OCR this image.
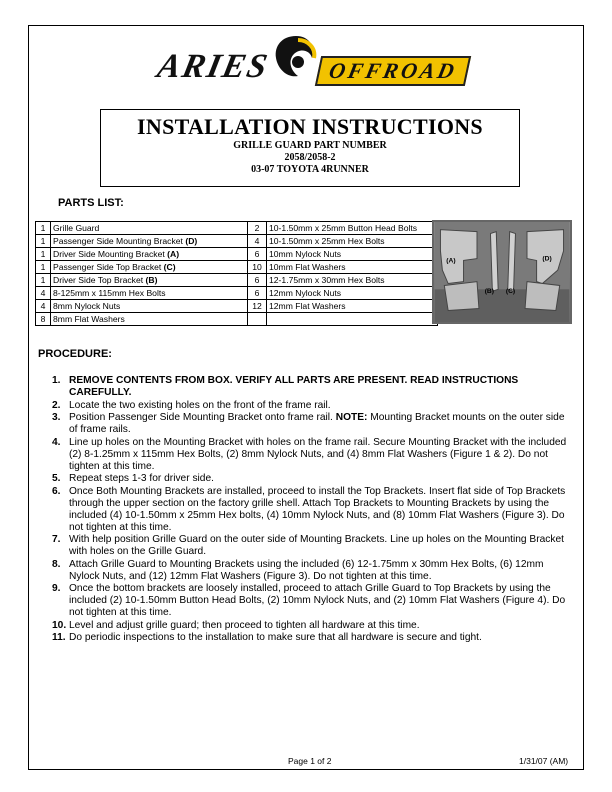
ARIES OFFROAD
INSTALLATION INSTRUCTIONS
GRILLE GUARD PART NUMBER
2058/2058-2
03-07 TOYOTA 4RUNNER
PARTS LIST:
1	Grille Guard	2	10-1.50mm x 25mm Button Head Bolts
1	Passenger Side Mounting Bracket (D)	4	10-1.50mm x 25mm Hex Bolts
1	Driver Side Mounting Bracket (A)	6	10mm Nylock Nuts
1	Passenger Side Top Bracket (C)	10	10mm Flat Washers
1	Driver Side Top Bracket (B)	6	12-1.75mm x 30mm Hex Bolts
4	8-125mm x 115mm Hex Bolts	6	12mm Nylock Nuts
4	8mm Nylock Nuts	12	12mm Flat Washers
8	8mm Flat Washers		
(A)
(B) (C)
(D)
PROCEDURE:
1. REMOVE CONTENTS FROM BOX. VERIFY ALL PARTS ARE PRESENT. READ INSTRUCTIONS CAREFULLY.
2. Locate the two existing holes on the front of the frame rail.
3. Position Passenger Side Mounting Bracket onto frame rail. NOTE: Mounting Bracket mounts on the outer side of frame rails.
4. Line up holes on the Mounting Bracket with holes on the frame rail. Secure Mounting Bracket with the included (2) 8-1.25mm x 115mm Hex Bolts, (2) 8mm Nylock Nuts, and (4) 8mm Flat Washers (Figure 1 & 2). Do not tighten at this time.
5. Repeat steps 1-3 for driver side.
6. Once Both Mounting Brackets are installed, proceed to install the Top Brackets. Insert flat side of Top Brackets through the upper section on the factory grille shell. Attach Top Brackets to Mounting Brackets by using the included (4) 10-1.50mm x 25mm Hex bolts, (4) 10mm Nylock Nuts, and (8) 10mm Flat Washers (Figure 3). Do not tighten at this time.
7. With help position Grille Guard on the outer side of Mounting Brackets. Line up holes on the Mounting Bracket with holes on the Grille Guard.
8. Attach Grille Guard to Mounting Brackets using the included (6) 12-1.75mm x 30mm Hex Bolts, (6) 12mm Nylock Nuts, and (12) 12mm Flat Washers (Figure 3). Do not tighten at this time.
9. Once the bottom brackets are loosely installed, proceed to attach Grille Guard to Top Brackets by using the included (2) 10-1.50mm Button Head Bolts, (2) 10mm Nylock Nuts, and (2) 10mm Flat Washers (Figure 4). Do not tighten at this time.
10. Level and adjust grille guard; then proceed to tighten all hardware at this time.
11. Do periodic inspections to the installation to make sure that all hardware is secure and tight.
Page 1 of 2	1/31/07 (AM)
